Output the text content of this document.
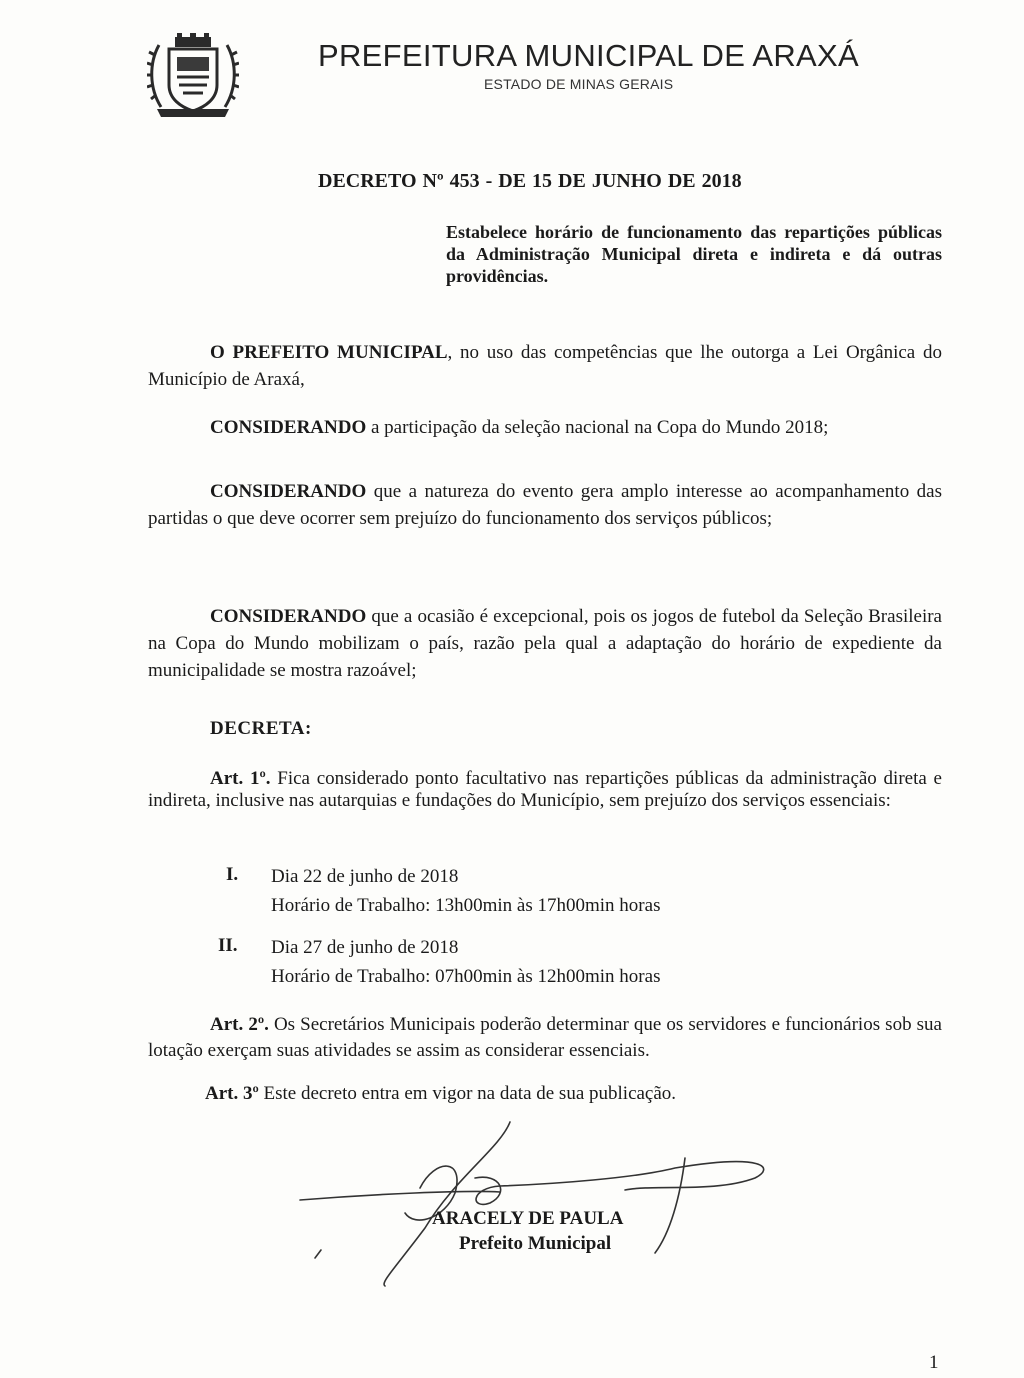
PREFEITURA MUNICIPAL DE ARAXÁ
ESTADO DE MINAS GERAIS
DECRETO Nº 453 - DE 15 DE JUNHO DE 2018
Estabelece horário de funcionamento das repartições públicas da Administração Municipal direta e indireta e dá outras providências.
O PREFEITO MUNICIPAL, no uso das competências que lhe outorga a Lei Orgânica do Município de Araxá,
CONSIDERANDO a participação da seleção nacional na Copa do Mundo 2018;
CONSIDERANDO que a natureza do evento gera amplo interesse ao acompanhamento das partidas o que deve ocorrer sem prejuízo do funcionamento dos serviços públicos;
CONSIDERANDO que a ocasião é excepcional, pois os jogos de futebol da Seleção Brasileira na Copa do Mundo mobilizam o país, razão pela qual a adaptação do horário de expediente da municipalidade se mostra razoável;
DECRETA:
Art. 1º. Fica considerado ponto facultativo nas repartições públicas da administração direta e indireta, inclusive nas autarquias e fundações do Município, sem prejuízo dos serviços essenciais:
I. Dia 22 de junho de 2018
Horário de Trabalho: 13h00min às 17h00min horas
II. Dia 27 de junho de 2018
Horário de Trabalho: 07h00min às 12h00min horas
Art. 2º. Os Secretários Municipais poderão determinar que os servidores e funcionários sob sua lotação exerçam suas atividades se assim as considerar essenciais.
Art. 3º Este decreto entra em vigor na data de sua publicação.
ARACELY DE PAULA
Prefeito Municipal
1
